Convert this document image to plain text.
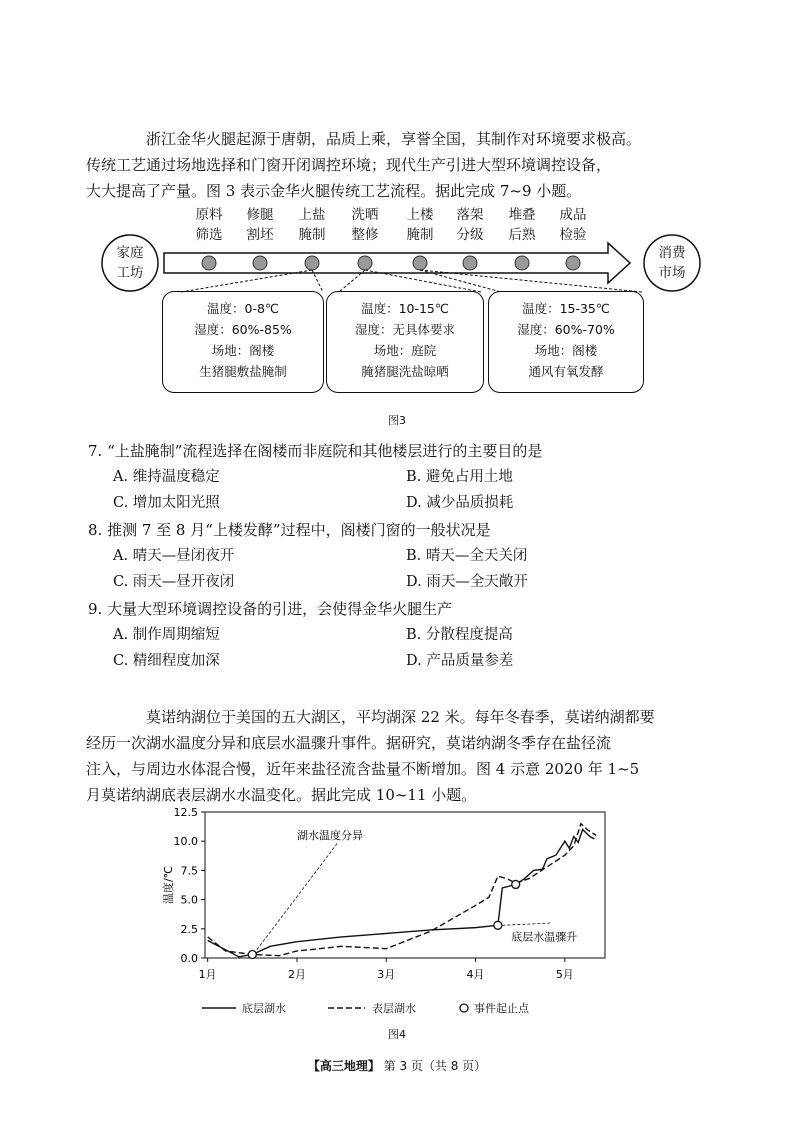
浙江金华火腿起源于唐朝，品质上乘，享誉全国，其制作对环境要求极高。

传统工艺通过场地选择和门窗开闭调控环境；现代生产引进大型环境调控设备，

大大提高了产量。图 3 表示金华火腿传统工艺流程。据此完成 7~9 小题。

家庭
工坊
消费
市场
原料
筛选
修腿
割坯
上盐
腌制
洗晒
整修
上楼
腌制
落架
分级
堆叠
后熟
成品
检验
温度：0-8℃
湿度：60%-85%
场地：阁楼
生猪腿敷盐腌制
温度：10-15℃
湿度：无具体要求
场地：庭院
腌猪腿洗盐晾晒
温度：15-35℃
湿度：60%-70%
场地：阁楼
通风有氧发酵
图3

7. “上盐腌制”流程选择在阁楼而非庭院和其他楼层进行的主要目的是

A. 维持温度稳定	B. 避免占用土地
C. 增加太阳光照	D. 减少品质损耗

8. 推测 7 至 8 月“上楼发酵”过程中，阁楼门窗的一般状况是

A. 晴天—昼闭夜开	B. 晴天—全天关闭
C. 雨天—昼开夜闭	D. 雨天—全天敞开

9. 大量大型环境调控设备的引进，会使得金华火腿生产

A. 制作周期缩短	B. 分散程度提高
C. 精细程度加深	D. 产品质量参差

莫诺纳湖位于美国的五大湖区，平均湖深 22 米。每年冬春季，莫诺纳湖都要

经历一次湖水温度分异和底层水温骤升事件。据研究，莫诺纳湖冬季存在盐径流

注入，与周边水体混合慢，近年来盐径流含盐量不断增加。图 4 示意 2020 年 1~5

月莫诺纳湖底表层湖水水温变化。据此完成 10~11 小题。

0.0
2.5
5.0
7.5
10.0
12.5
1月	2月	3月	4月	5月
温度/℃
湖水温度分异
底层水温骤升
底层湖水	表层湖水	事件起止点
图4
【高三地理】 第 3 页（共 8 页）
